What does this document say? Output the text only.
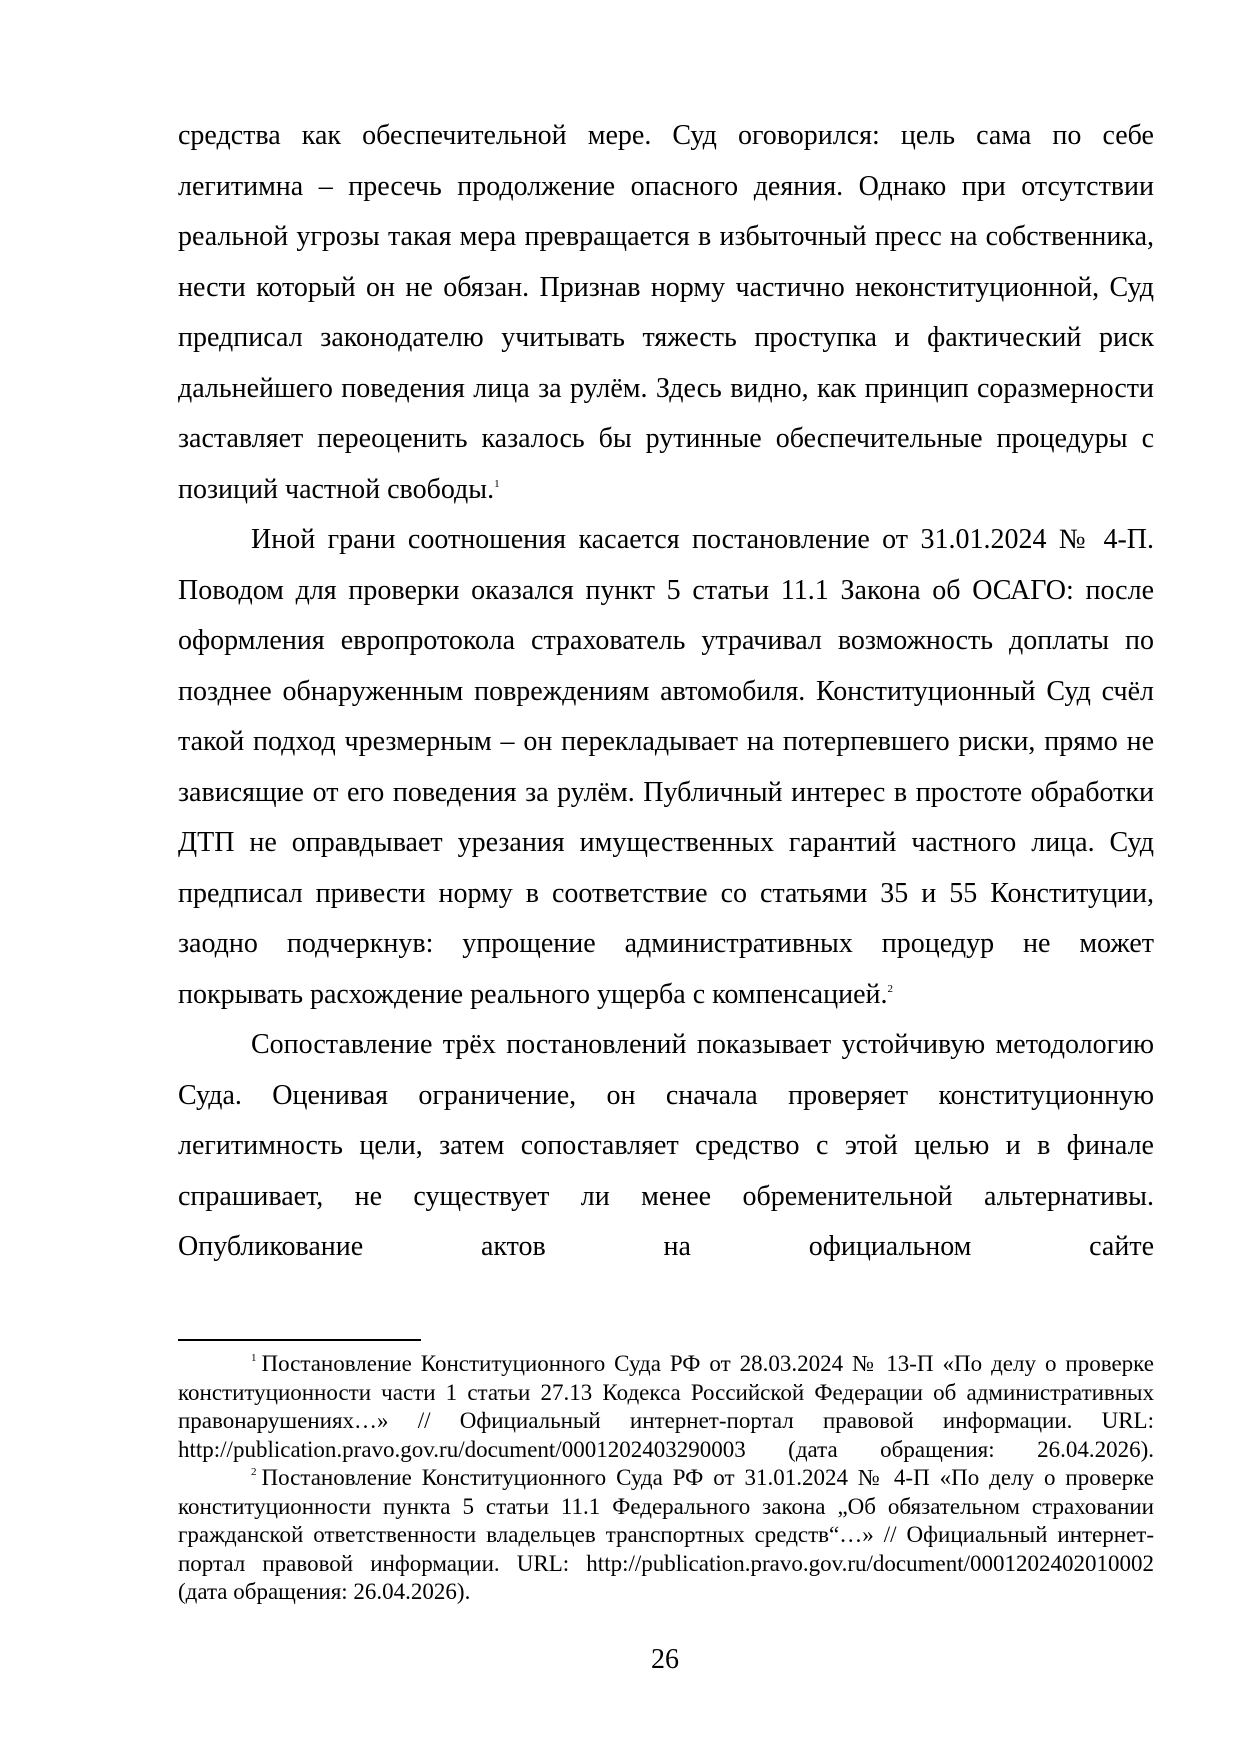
средства как обеспечительной мере. Суд оговорился: цель сама по себе легитимна – пресечь продолжение опасного деяния. Однако при отсутствии реальной угрозы такая мера превращается в избыточный пресс на собственника, нести который он не обязан. Признав норму частично неконституционной, Суд предписал законодателю учитывать тяжесть проступка и фактический риск дальнейшего поведения лица за рулём. Здесь видно, как принцип соразмерности заставляет переоценить казалось бы рутинные обеспечительные процедуры с позиций частной свободы.$^1$

Иной грани соотношения касается постановление от 31.01.2024 № 4-П. Поводом для проверки оказался пункт 5 статьи 11.1 Закона об ОСАГО: после оформления европротокола страхователь утрачивал возможность доплаты по позднее обнаруженным повреждениям автомобиля. Конституционный Суд счёл такой подход чрезмерным – он перекладывает на потерпевшего риски, прямо не зависящие от его поведения за рулём. Публичный интерес в простоте обработки ДТП не оправдывает урезания имущественных гарантий частного лица. Суд предписал привести норму в соответствие со статьями 35 и 55 Конституции, заодно подчеркнув: упрощение административных процедур не может покрывать расхождение реального ущерба с компенсацией.$^2$

Сопоставление трёх постановлений показывает устойчивую методологию Суда. Оценивая ограничение, он сначала проверяет конституционную легитимность цели, затем сопоставляет средство с этой целью и в финале спрашивает, не существует ли менее обременительной альтернативы. Опубликование актов на официальном сайте

$^1$ Постановление Конституционного Суда РФ от 28.03.2024 № 13-П «По делу о проверке конституционности части 1 статьи 27.13 Кодекса Российской Федерации об административных правонарушениях…» // Официальный интернет-портал правовой информации. URL: http://publication.pravo.gov.ru/document/0001202403290003 (дата обращения: 26.04.2026).

$^2$ Постановление Конституционного Суда РФ от 31.01.2024 № 4-П «По делу о проверке конституционности пункта 5 статьи 11.1 Федерального закона „Об обязательном страховании гражданской ответственности владельцев транспортных средств“…» // Официальный интернет-портал правовой информации. URL: http://publication.pravo.gov.ru/document/0001202402010002 (дата обращения: 26.04.2026).

26
